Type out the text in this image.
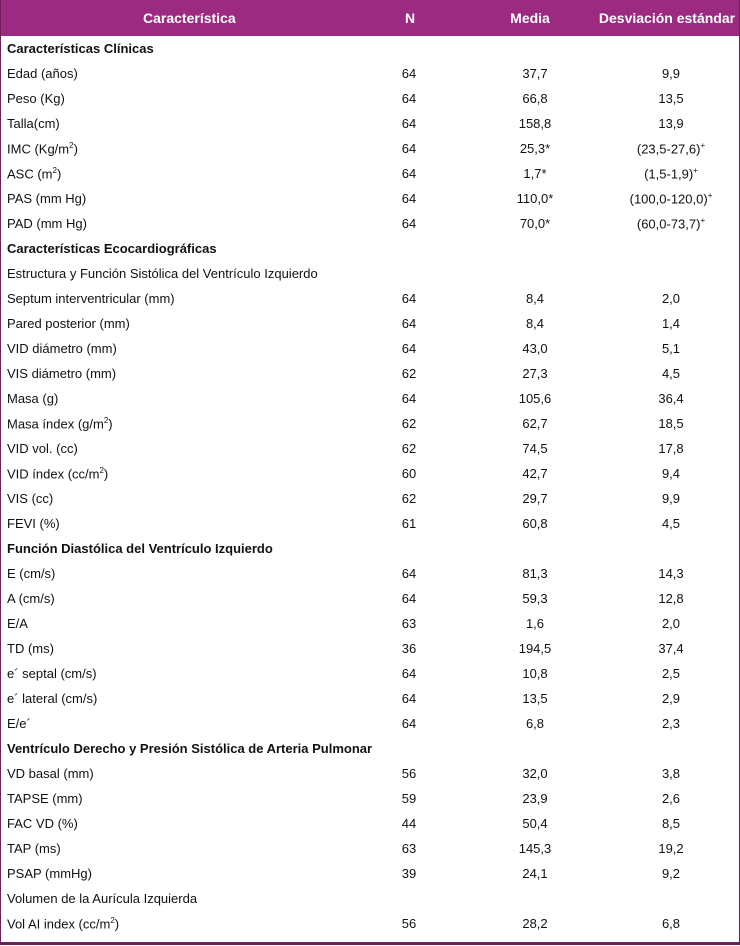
Característica	N	Media	Desviación estándar
Características Clínicas
Edad (años)	64	37,7	9,9
Peso (Kg)	64	66,8	13,5
Talla(cm)	64	158,8	13,9
IMC $(Kg/m^2)$	64	25,3*	(23,5-27,6)+
ASC $(m^2)$	64	1,7*	(1,5-1,9)+
PAS (mm Hg)	64	110,0*	(100,0-120,0)+
PAD (mm Hg)	64	70,0*	(60,0-73,7)+
Características Ecocardiográficas
Estructura y Función Sistólica del Ventrículo Izquierdo
Septum interventricular (mm)	64	8,4	2,0
Pared posterior (mm)	64	8,4	1,4
VID diámetro (mm)	64	43,0	5,1
VIS diámetro (mm)	62	27,3	4,5
Masa (g)	64	105,6	36,4
Masa índex $(g/m^2)$	62	62,7	18,5
VID vol. (cc)	62	74,5	17,8
VID índex $(cc/m^2)$	60	42,7	9,4
VIS (cc)	62	29,7	9,9
FEVI (%)	61	60,8	4,5
Función Diastólica del Ventrículo Izquierdo
E (cm/s)	64	81,3	14,3
A (cm/s)	64	59,3	12,8
E/A	63	1,6	2,0
TD (ms)	36	194,5	37,4
e´ septal (cm/s)	64	10,8	2,5
e´ lateral (cm/s)	64	13,5	2,9
E/e´	64	6,8	2,3
Ventrículo Derecho y Presión Sistólica de Arteria Pulmonar
VD basal (mm)	56	32,0	3,8
TAPSE (mm)	59	23,9	2,6
FAC VD (%)	44	50,4	8,5
TAP (ms)	63	145,3	19,2
PSAP (mmHg)	39	24,1	9,2
Volumen de la Aurícula Izquierda
Vol AI index $(cc/m^2)$	56	28,2	6,8
